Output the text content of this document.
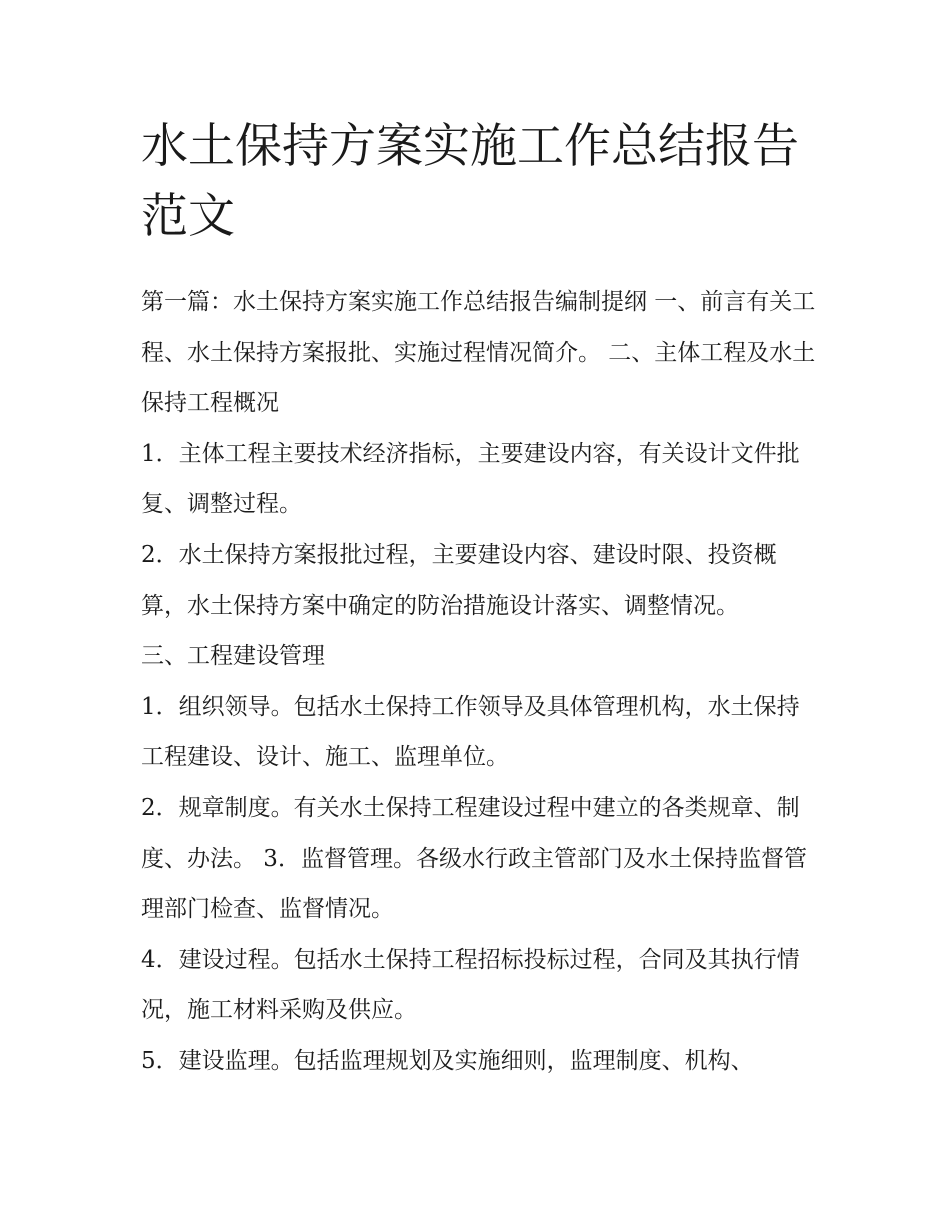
水土保持方案实施工作总结报告范文

第一篇：水土保持方案实施工作总结报告编制提纲 一、前言有关工程、水土保持方案报批、实施过程情况简介。 二、主体工程及水土保持工程概况

1．主体工程主要技术经济指标，主要建设内容，有关设计文件批复、调整过程。

2．水土保持方案报批过程，主要建设内容、建设时限、投资概算，水土保持方案中确定的防治措施设计落实、调整情况。

三、工程建设管理

1．组织领导。包括水土保持工作领导及具体管理机构，水土保持工程建设、设计、施工、监理单位。

2．规章制度。有关水土保持工程建设过程中建立的各类规章、制度、办法。 3．监督管理。各级水行政主管部门及水土保持监督管理部门检查、监督情况。

4．建设过程。包括水土保持工程招标投标过程，合同及其执行情况，施工材料采购及供应。

5．建设监理。包括监理规划及实施细则，监理制度、机构、
